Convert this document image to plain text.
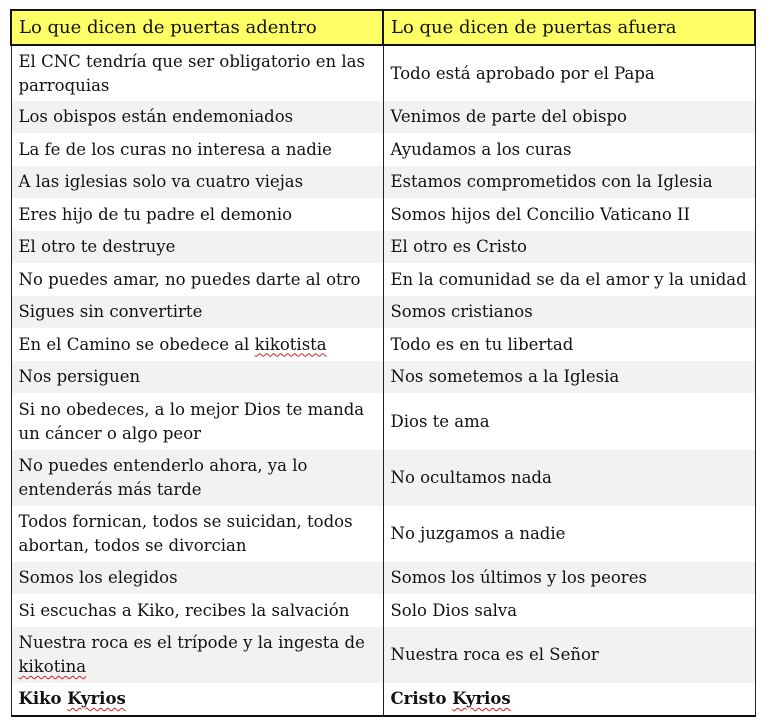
Lo que dicen de puertas adentro	Lo que dicen de puertas afuera
El CNC tendría que ser obligatorio en las parroquias	Todo está aprobado por el Papa
Los obispos están endemoniados	Venimos de parte del obispo
La fe de los curas no interesa a nadie	Ayudamos a los curas
A las iglesias solo va cuatro viejas	Estamos comprometidos con la Iglesia
Eres hijo de tu padre el demonio	Somos hijos del Concilio Vaticano II
El otro te destruye	El otro es Cristo
No puedes amar, no puedes darte al otro	En la comunidad se da el amor y la unidad
Sigues sin convertirte	Somos cristianos
En el Camino se obedece al kikotista	Todo es en tu libertad
Nos persiguen	Nos sometemos a la Iglesia
Si no obedeces, a lo mejor Dios te manda un cáncer o algo peor	Dios te ama
No puedes entenderlo ahora, ya lo entenderás más tarde	No ocultamos nada
Todos fornican, todos se suicidan, todos abortan, todos se divorcian	No juzgamos a nadie
Somos los elegidos	Somos los últimos y los peores
Si escuchas a Kiko, recibes la salvación	Solo Dios salva
Nuestra roca es el trípode y la ingesta de kikotina	Nuestra roca es el Señor
Kiko Kyrios	Cristo Kyrios
